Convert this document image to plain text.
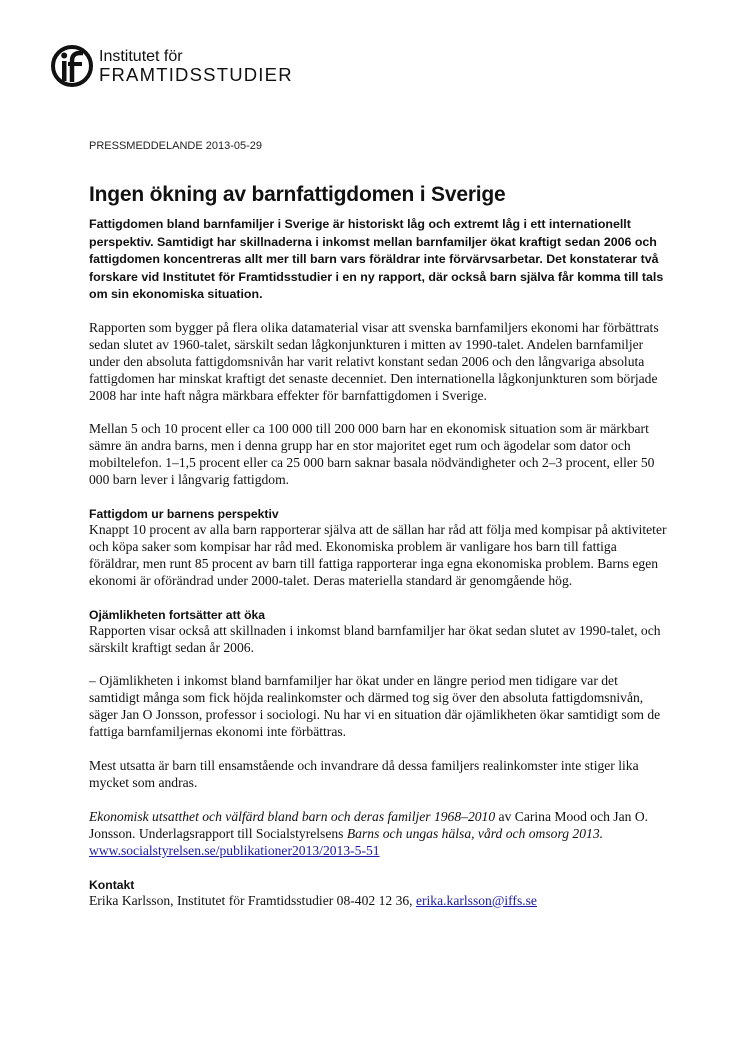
Institutet för
FRAMTIDSSTUDIER

PRESSMEDDELANDE 2013-05-29

Ingen ökning av barnfattigdomen i Sverige

Fattigdomen bland barnfamiljer i Sverige är historiskt låg och extremt låg i ett internationellt perspektiv. Samtidigt har skillnaderna i inkomst mellan barnfamiljer ökat kraftigt sedan 2006 och fattigdomen koncentreras allt mer till barn vars föräldrar inte förvärvsarbetar. Det konstaterar två forskare vid Institutet för Framtidsstudier i en ny rapport, där också barn själva får komma till tals om sin ekonomiska situation.

Rapporten som bygger på flera olika datamaterial visar att svenska barnfamiljers ekonomi har förbättrats sedan slutet av 1960-talet, särskilt sedan lågkonjunkturen i mitten av 1990-talet. Andelen barnfamiljer under den absoluta fattigdomsnivån har varit relativt konstant sedan 2006 och den långvariga absoluta fattigdomen har minskat kraftigt det senaste decenniet. Den internationella lågkonjunkturen som började 2008 har inte haft några märkbara effekter för barnfattigdomen i Sverige.

Mellan 5 och 10 procent eller ca 100 000 till 200 000 barn har en ekonomisk situation som är märkbart sämre än andra barns, men i denna grupp har en stor majoritet eget rum och ägodelar som dator och mobiltelefon. 1–1,5 procent eller ca 25 000 barn saknar basala nödvändigheter och 2–3 procent, eller 50 000 barn lever i långvarig fattigdom.

Fattigdom ur barnens perspektiv

Knappt 10 procent av alla barn rapporterar själva att de sällan har råd att följa med kompisar på aktiviteter och köpa saker som kompisar har råd med. Ekonomiska problem är vanligare hos barn till fattiga föräldrar, men runt 85 procent av barn till fattiga rapporterar inga egna ekonomiska problem. Barns egen ekonomi är oförändrad under 2000-talet. Deras materiella standard är genomgående hög.

Ojämlikheten fortsätter att öka

Rapporten visar också att skillnaden i inkomst bland barnfamiljer har ökat sedan slutet av 1990-talet, och särskilt kraftigt sedan år 2006.

– Ojämlikheten i inkomst bland barnfamiljer har ökat under en längre period men tidigare var det samtidigt många som fick höjda realinkomster och därmed tog sig över den absoluta fattigdomsnivån, säger Jan O Jonsson, professor i sociologi. Nu har vi en situation där ojämlikheten ökar samtidigt som de fattiga barnfamiljernas ekonomi inte förbättras.

Mest utsatta är barn till ensamstående och invandrare då dessa familjers realinkomster inte stiger lika mycket som andras.

Ekonomisk utsatthet och välfärd bland barn och deras familjer 1968–2010 av Carina Mood och Jan O. Jonsson. Underlagsrapport till Socialstyrelsens Barns och ungas hälsa, vård och omsorg 2013. www.socialstyrelsen.se/publikationer2013/2013-5-51

Kontakt

Erika Karlsson, Institutet för Framtidsstudier 08-402 12 36, erika.karlsson@iffs.se
